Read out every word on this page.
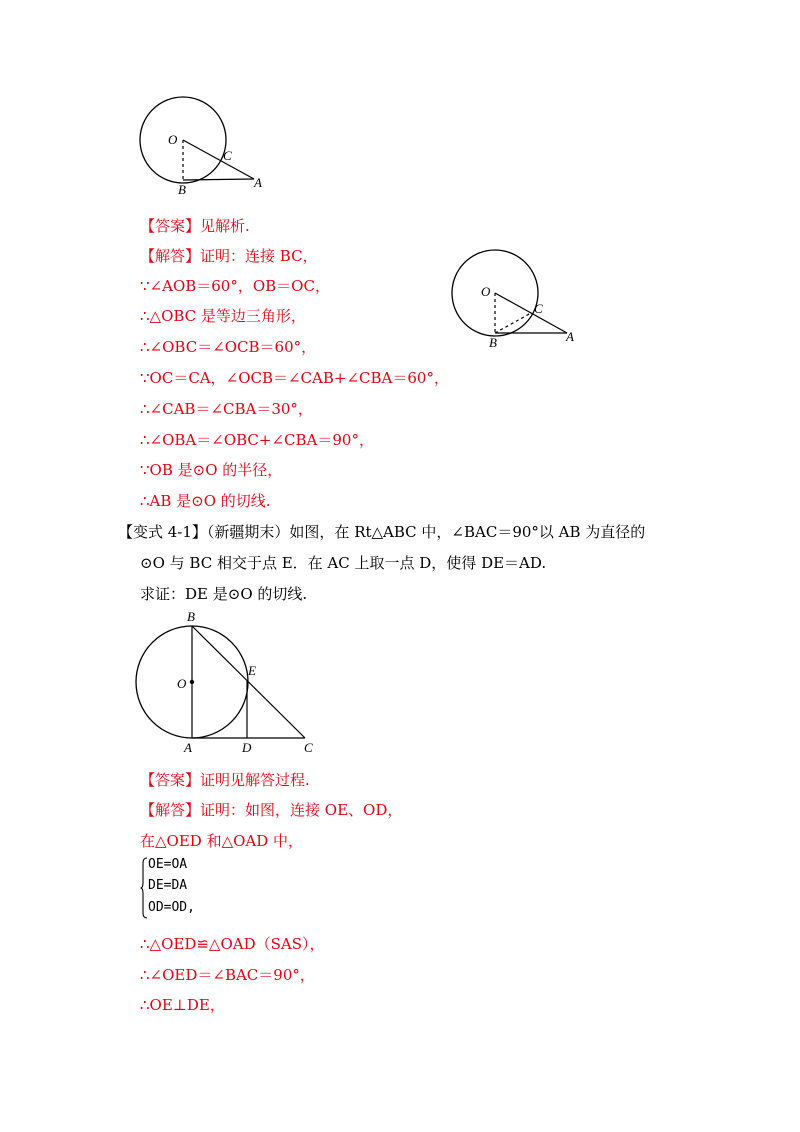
O
C
B	A
O
C
B	A
【答案】见解析.
【解答】证明：连接 BC，
∵∠AOB＝60°，OB＝OC，
∴△OBC 是等边三角形，
∴∠OBC＝∠OCB＝60°，
∵OC＝CA，∠OCB＝∠CAB+∠CBA＝60°，
∴∠CAB＝∠CBA＝30°，
∴∠OBA＝∠OBC+∠CBA＝90°，
∵OB 是⊙O 的半径，
∴AB 是⊙O 的切线.
【变式 4-1】（新疆期末）如图，在 Rt△ABC 中，∠BAC＝90°以 AB 为直径的
⊙O 与 BC 相交于点 E．在 AC 上取一点 D，使得 DE＝AD.
求证：DE 是⊙O 的切线.
B
O
E
A	D	C
【答案】证明见解答过程.
【解答】证明：如图，连接 OE、OD，
在△OED 和△OAD 中，
OE=OA
DE=DA
OD=OD,
∴△OED≌△OAD（SAS），
∴∠OED＝∠BAC＝90°，
∴OE⊥DE，
